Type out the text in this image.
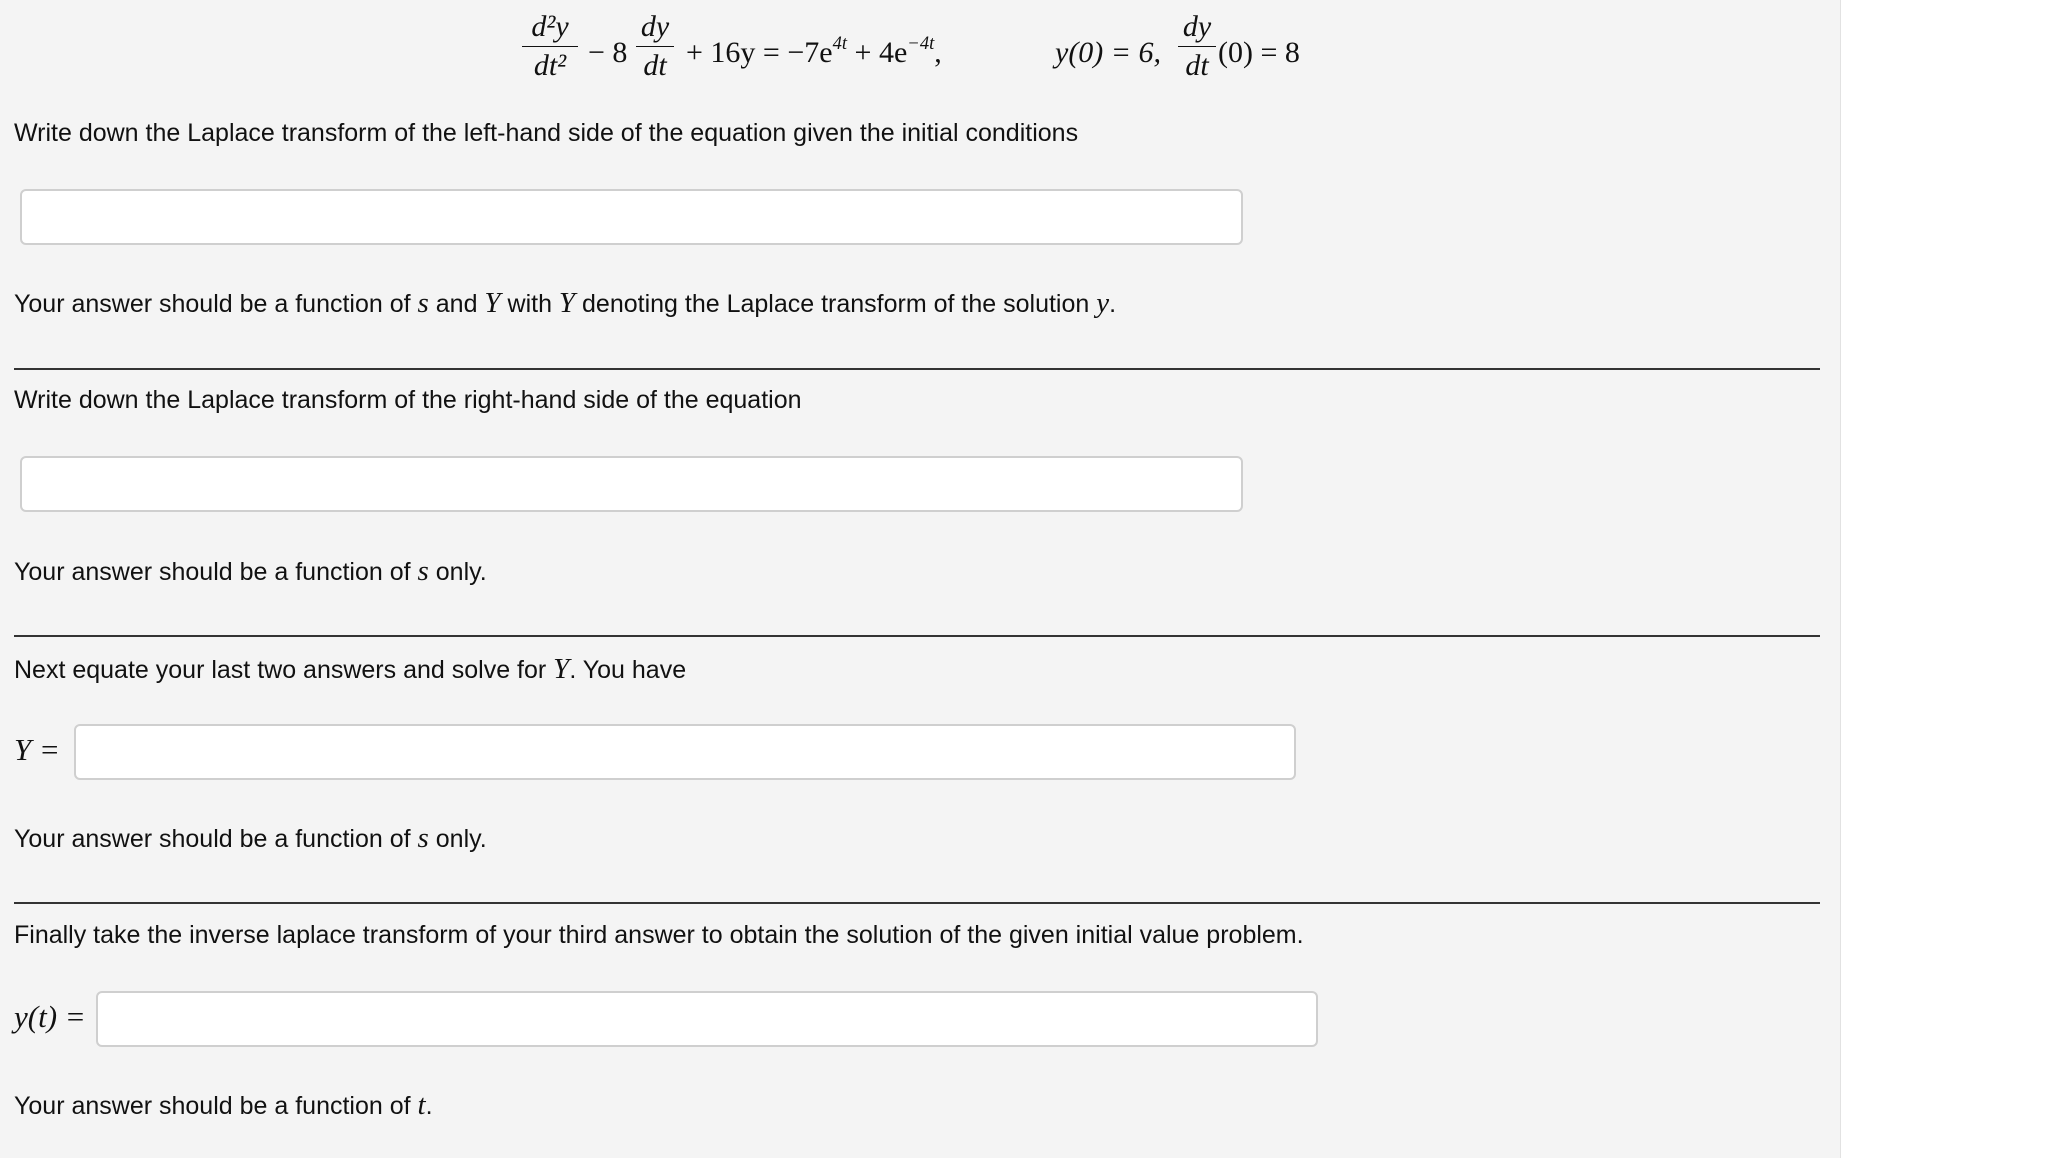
$\frac{\text{d²y}}{\text{dt²}} - 8 \frac{dy}{dt} + 16y = -7e^{4t} + 4e^{-4t}$,	y(0) = 6, $\frac{dy}{dt} (0) = 8$
Write down the Laplace transform of the left-hand side of the equation given the initial conditions
Your answer should be a function of s and Y with Y denoting the Laplace transform of the solution y.
Write down the Laplace transform of the right-hand side of the equation
Your answer should be a function of s only.
Next equate your last two answers and solve for Y. You have
Y =
Your answer should be a function of s only.
Finally take the inverse laplace transform of your third answer to obtain the solution of the given initial value problem.
y(t) =
Your answer should be a function of t.
